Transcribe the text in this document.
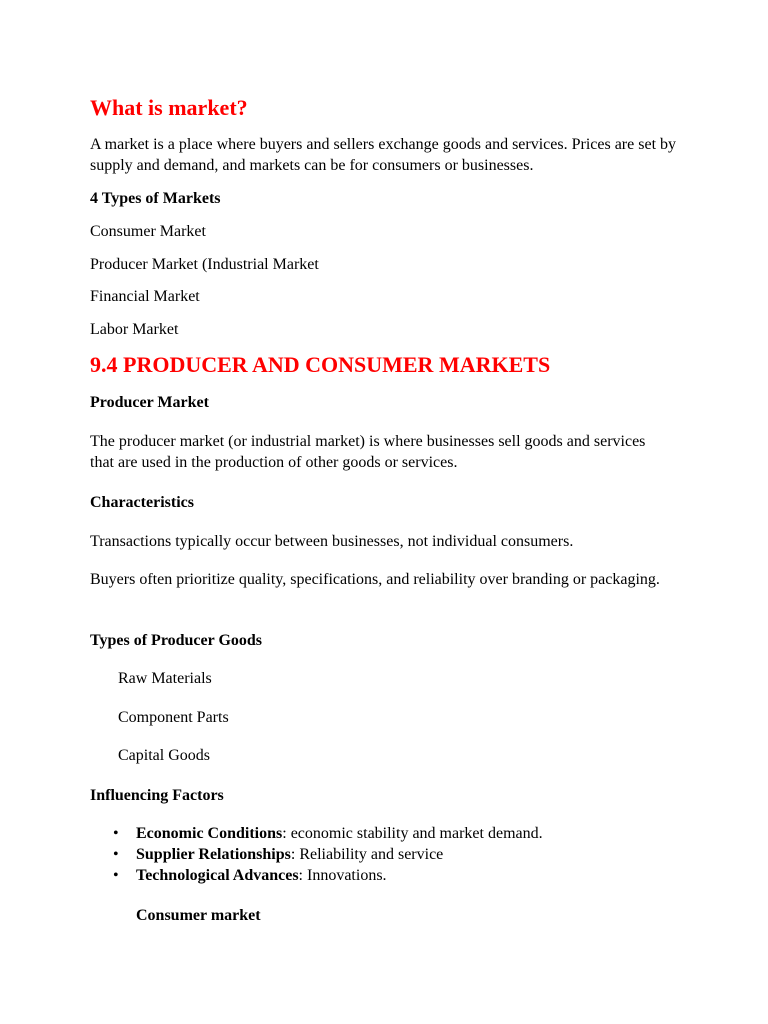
What is market?

A market is a place where buyers and sellers exchange goods and services. Prices are set by supply and demand, and markets can be for consumers or businesses.

4 Types of Markets

Consumer Market

Producer Market (Industrial Market

Financial Market

Labor Market

9.4 PRODUCER AND CONSUMER MARKETS

Producer Market

The producer market (or industrial market) is where businesses sell goods and services that are used in the production of other goods or services.

Characteristics

Transactions typically occur between businesses, not individual consumers.

Buyers often prioritize quality, specifications, and reliability over branding or packaging.

Types of Producer Goods

Raw Materials

Component Parts

Capital Goods

Influencing Factors

• Economic Conditions: economic stability and market demand.
• Supplier Relationships: Reliability and service
• Technological Advances: Innovations.

Consumer market
